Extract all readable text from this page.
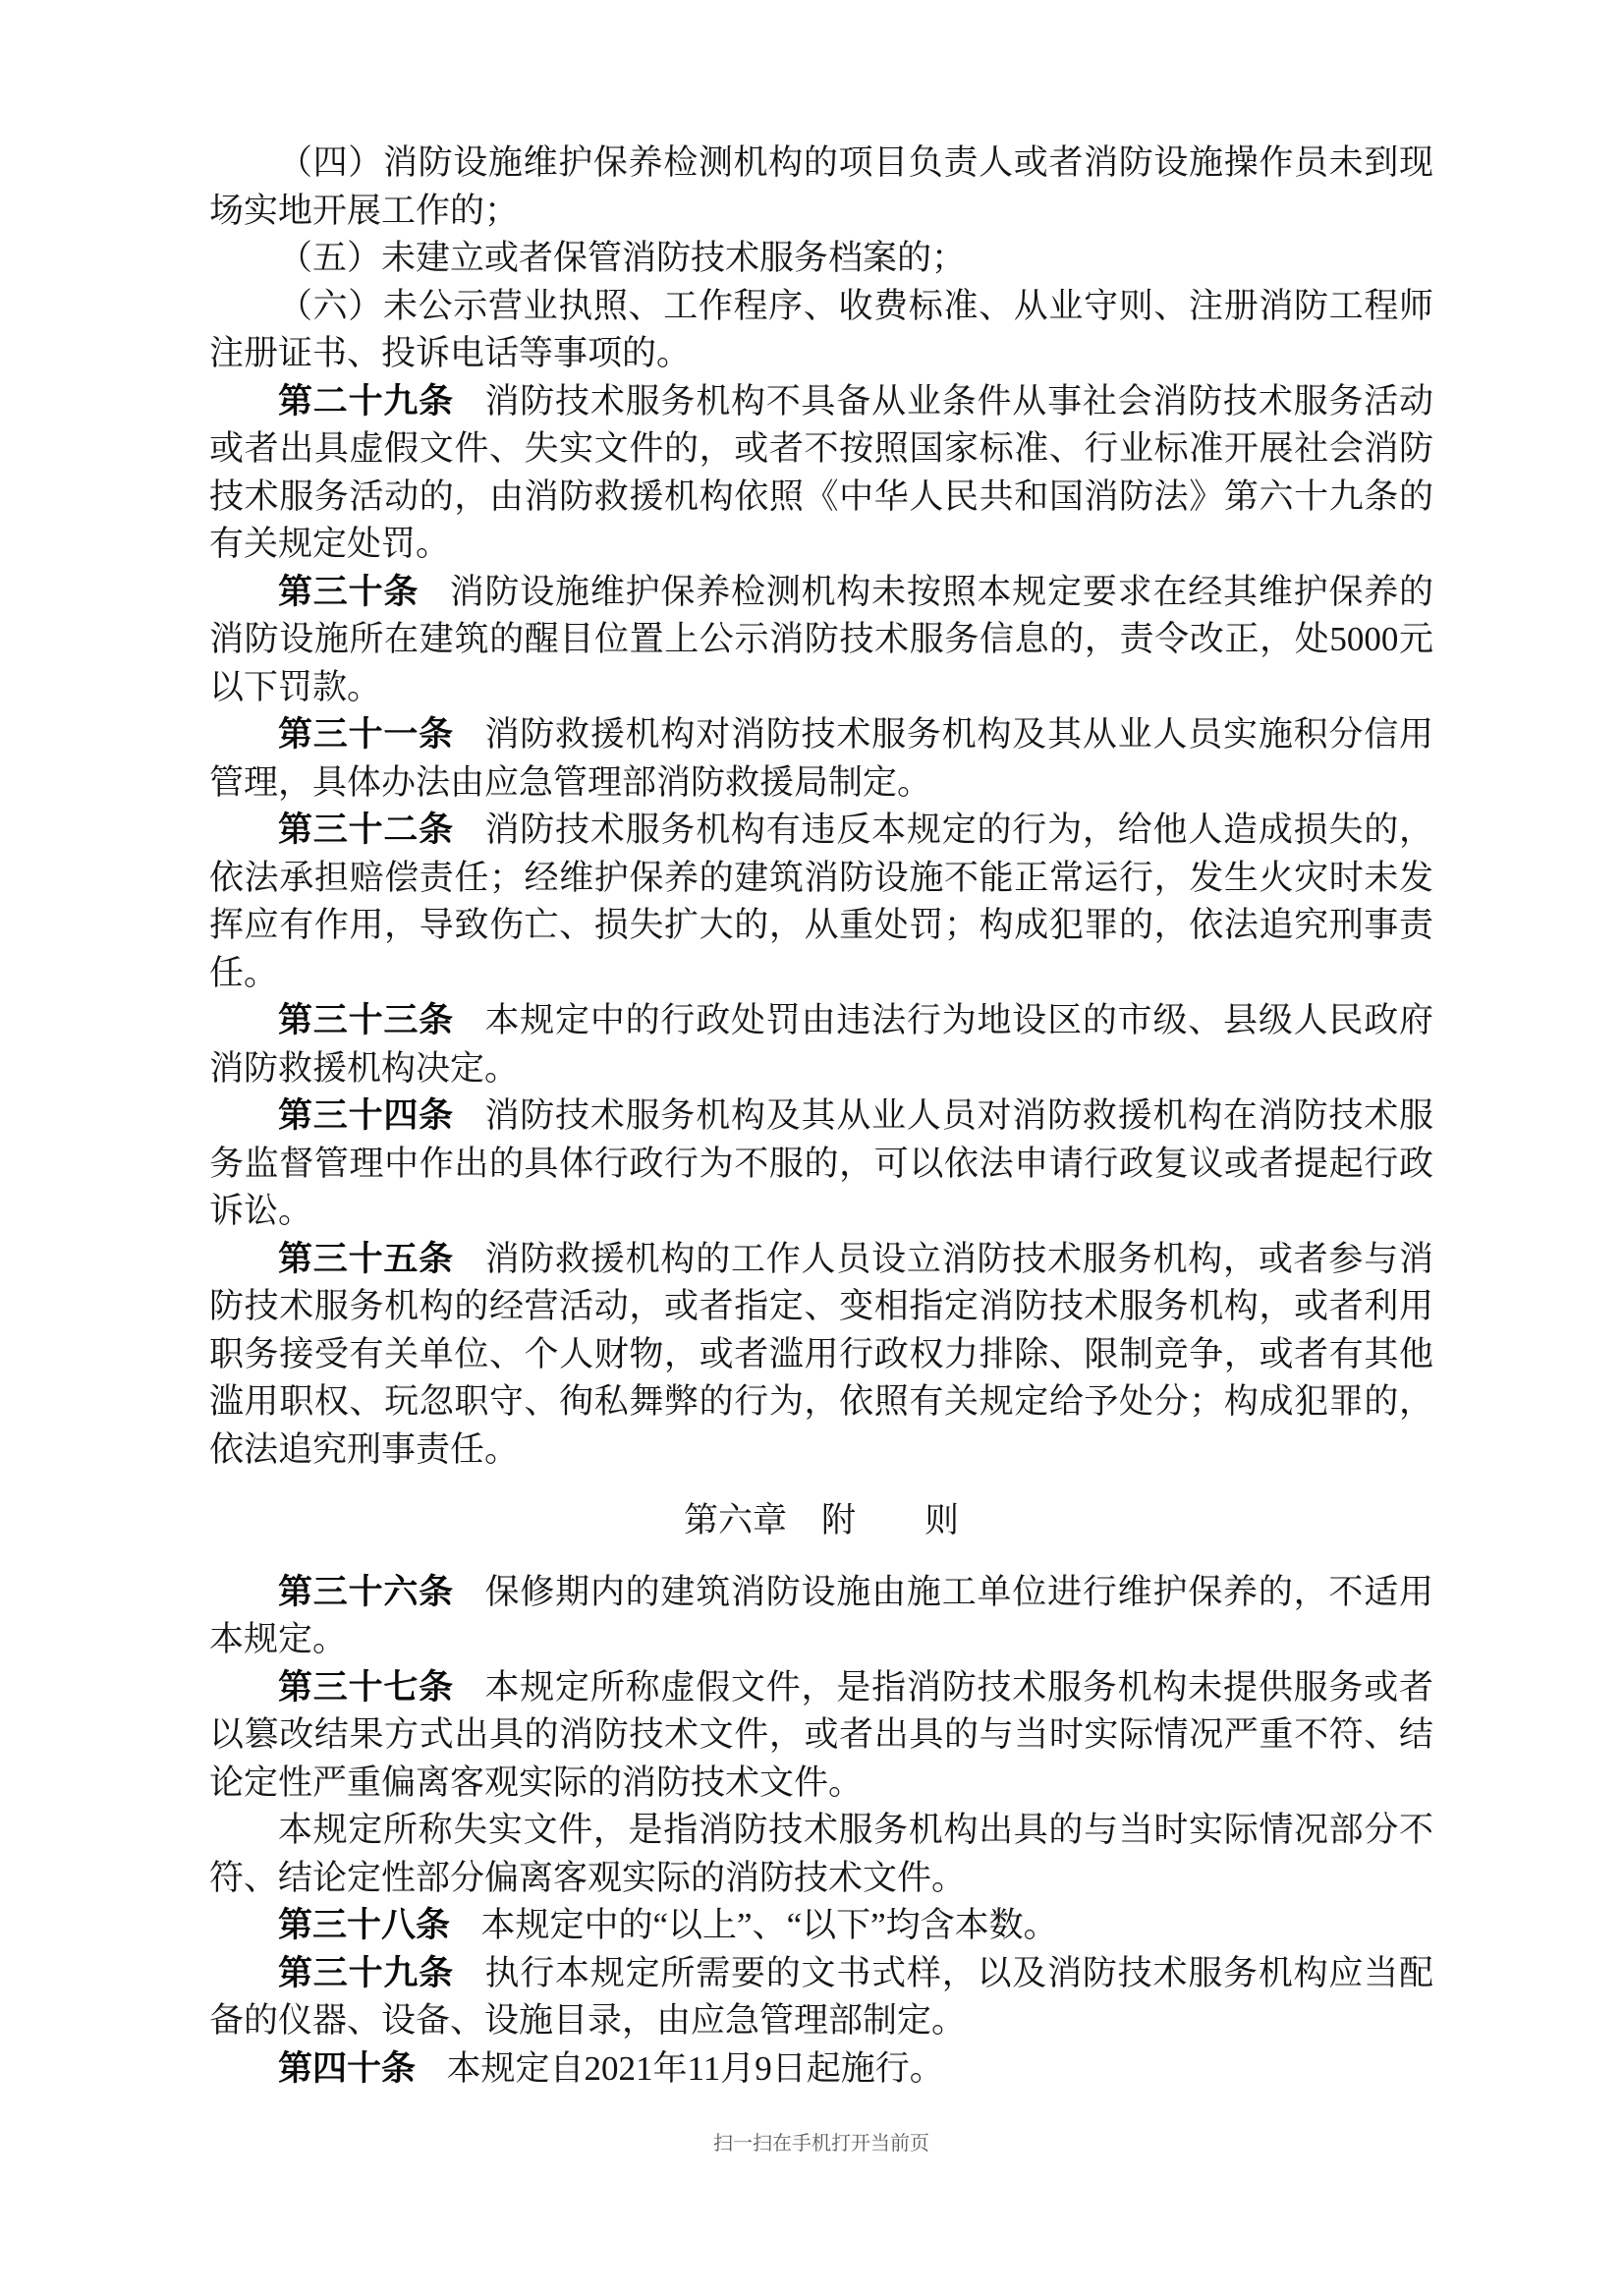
（四）消防设施维护保养检测机构的项目负责人或者消防设施操作员未到现场实地开展工作的；

（五）未建立或者保管消防技术服务档案的；

（六）未公示营业执照、工作程序、收费标准、从业守则、注册消防工程师注册证书、投诉电话等事项的。

第二十九条 消防技术服务机构不具备从业条件从事社会消防技术服务活动或者出具虚假文件、失实文件的，或者不按照国家标准、行业标准开展社会消防技术服务活动的，由消防救援机构依照《中华人民共和国消防法》第六十九条的有关规定处罚。

第三十条 消防设施维护保养检测机构未按照本规定要求在经其维护保养的消防设施所在建筑的醒目位置上公示消防技术服务信息的，责令改正，处5000元以下罚款。

第三十一条 消防救援机构对消防技术服务机构及其从业人员实施积分信用管理，具体办法由应急管理部消防救援局制定。

第三十二条 消防技术服务机构有违反本规定的行为，给他人造成损失的，依法承担赔偿责任；经维护保养的建筑消防设施不能正常运行，发生火灾时未发挥应有作用，导致伤亡、损失扩大的，从重处罚；构成犯罪的，依法追究刑事责任。

第三十三条 本规定中的行政处罚由违法行为地设区的市级、县级人民政府消防救援机构决定。

第三十四条 消防技术服务机构及其从业人员对消防救援机构在消防技术服务监督管理中作出的具体行政行为不服的，可以依法申请行政复议或者提起行政诉讼。

第三十五条 消防救援机构的工作人员设立消防技术服务机构，或者参与消防技术服务机构的经营活动，或者指定、变相指定消防技术服务机构，或者利用职务接受有关单位、个人财物，或者滥用行政权力排除、限制竞争，或者有其他滥用职权、玩忽职守、徇私舞弊的行为，依照有关规定给予处分；构成犯罪的，依法追究刑事责任。

第六章　附　　则

第三十六条 保修期内的建筑消防设施由施工单位进行维护保养的，不适用本规定。

第三十七条 本规定所称虚假文件，是指消防技术服务机构未提供服务或者以篡改结果方式出具的消防技术文件，或者出具的与当时实际情况严重不符、结论定性严重偏离客观实际的消防技术文件。

本规定所称失实文件，是指消防技术服务机构出具的与当时实际情况部分不符、结论定性部分偏离客观实际的消防技术文件。

第三十八条 本规定中的“以上”、“以下”均含本数。

第三十九条 执行本规定所需要的文书式样，以及消防技术服务机构应当配备的仪器、设备、设施目录，由应急管理部制定。

第四十条 本规定自2021年11月9日起施行。

扫一扫在手机打开当前页
